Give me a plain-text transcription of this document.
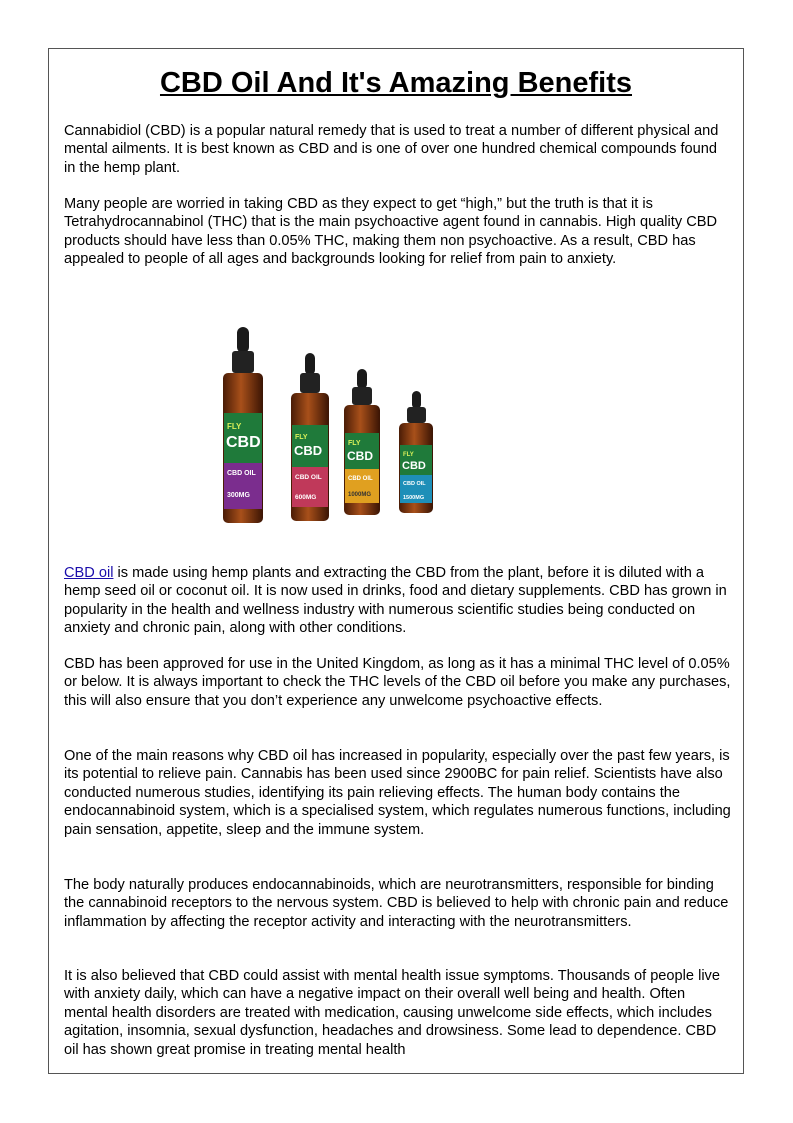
CBD Oil And It's Amazing Benefits

Cannabidiol (CBD) is a popular natural remedy that is used to treat a number of different physical and mental ailments. It is best known as CBD and is one of over one hundred chemical compounds found in the hemp plant.

Many people are worried in taking CBD as they expect to get “high,” but the truth is that it is Tetrahydrocannabinol (THC) that is the main psychoactive agent found in cannabis. High quality CBD products should have less than 0.05% THC, making them non psychoactive. As a result, CBD has appealed to people of all ages and backgrounds looking for relief from pain to anxiety.

FLY
CBD
CBD OIL
300MG
FLY
CBD
CBD OIL
600MG
FLY
CBD
CBD OIL
1000MG
FLY
CBD
CBD OIL
1500MG

CBD oil is made using hemp plants and extracting the CBD from the plant, before it is diluted with a hemp seed oil or coconut oil. It is now used in drinks, food and dietary supplements. CBD has grown in popularity in the health and wellness industry with numerous scientific studies being conducted on anxiety and chronic pain, along with other conditions.

CBD has been approved for use in the United Kingdom, as long as it has a minimal THC level of 0.05% or below. It is always important to check the THC levels of the CBD oil before you make any purchases, this will also ensure that you don’t experience any unwelcome psychoactive effects.

One of the main reasons why CBD oil has increased in popularity, especially over the past few years, is its potential to relieve pain. Cannabis has been used since 2900BC for pain relief. Scientists have also conducted numerous studies, identifying its pain relieving effects. The human body contains the endocannabinoid system, which is a specialised system, which regulates numerous functions, including pain sensation, appetite, sleep and the immune system.

The body naturally produces endocannabinoids, which are neurotransmitters, responsible for binding the cannabinoid receptors to the nervous system. CBD is believed to help with chronic pain and reduce inflammation by affecting the receptor activity and interacting with the neurotransmitters.

It is also believed that CBD could assist with mental health issue symptoms. Thousands of people live with anxiety daily, which can have a negative impact on their overall well being and health. Often mental health disorders are treated with medication, causing unwelcome side effects, which includes agitation, insomnia, sexual dysfunction, headaches and drowsiness. Some lead to dependence. CBD oil has shown great promise in treating mental health
